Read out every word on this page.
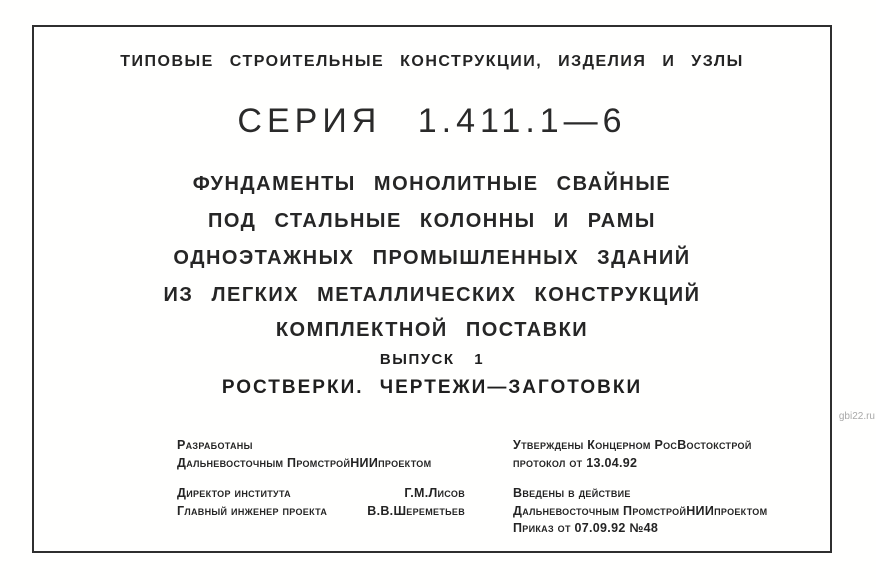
ТИПОВЫЕ СТРОИТЕЛЬНЫЕ КОНСТРУКЦИИ, ИЗДЕЛИЯ И УЗЛЫ
СЕРИЯ 1.411.1—6
ФУНДАМЕНТЫ МОНОЛИТНЫЕ СВАЙНЫЕ
ПОД СТАЛЬНЫЕ КОЛОННЫ И РАМЫ
ОДНОЭТАЖНЫХ ПРОМЫШЛЕННЫХ ЗДАНИЙ
ИЗ ЛЕГКИХ МЕТАЛЛИЧЕСКИХ КОНСТРУКЦИЙ
КОМПЛЕКТНОЙ ПОСТАВКИ
ВЫПУСК 1
РОСТВЕРКИ. ЧЕРТЕЖИ—ЗАГОТОВКИ
Разработаны
Дальневосточным ПромстройНИИпроектом
Директор института	Г.М.Лисов
Главный инженер проекта	В.В.Шереметьев
Утверждены Концерном РосВостокстрой
протокол от 13.04.92
Введены в действие
Дальневосточным ПромстройНИИпроектом
Приказ от 07.09.92 №48
gbi22.ru
